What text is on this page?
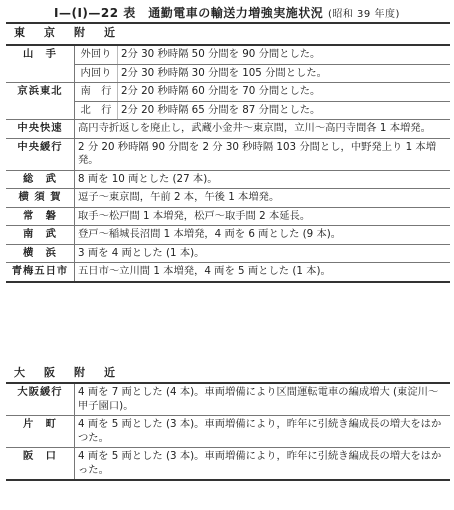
I—(I)—22 表　通勤電車の輸送力増強実施状況 (昭和 39 年度)
東　京　附　近
山　手	外回り	2分 30 秒時隔 50 分間を 90 分間とした。
	内回り	2分 30 秒時隔 30 分間を 105 分間とした。
京浜東北	南　行	2分 20 秒時隔 60 分間を 70 分間とした。
	北　行	2分 20 秒時隔 65 分間を 87 分間とした。
中央快速	高円寺折返しを廃止し，武蔵小金井〜東京間，立川〜高円寺間各 1 本増発。	
中央緩行	2 分 20 秒時隔 90 分間を 2 分 30 秒時隔 103 分間とし，中野発上り 1 本増発。	
総　武	8 両を 10 両とした (27 本)。	
横 須 賀	逗子〜東京間，午前 2 本，午後 1 本増発。	
常　磐	取手〜松戸間 1 本増発，松戸〜取手間 2 本延長。	
南　武	登戸〜稲城長沼間 1 本増発，4 両を 6 両とした (9 本)。	
横　浜	3 両を 4 両とした (1 本)。	
青梅五日市	五日市〜立川間 1 本増発，4 両を 5 両とした (1 本)。	
大　阪　附　近
大阪緩行	4 両を 7 両とした (4 本)。車両増備により区間運転電車の編成増大 (東淀川〜甲子園口)。
片　町	4 両を 5 両とした (3 本)。車両増備により，昨年に引続き編成長の増大をはかつた。
阪　口	4 両を 5 両とした (3 本)。車両増備により，昨年に引続き編成長の増大をはかった。
